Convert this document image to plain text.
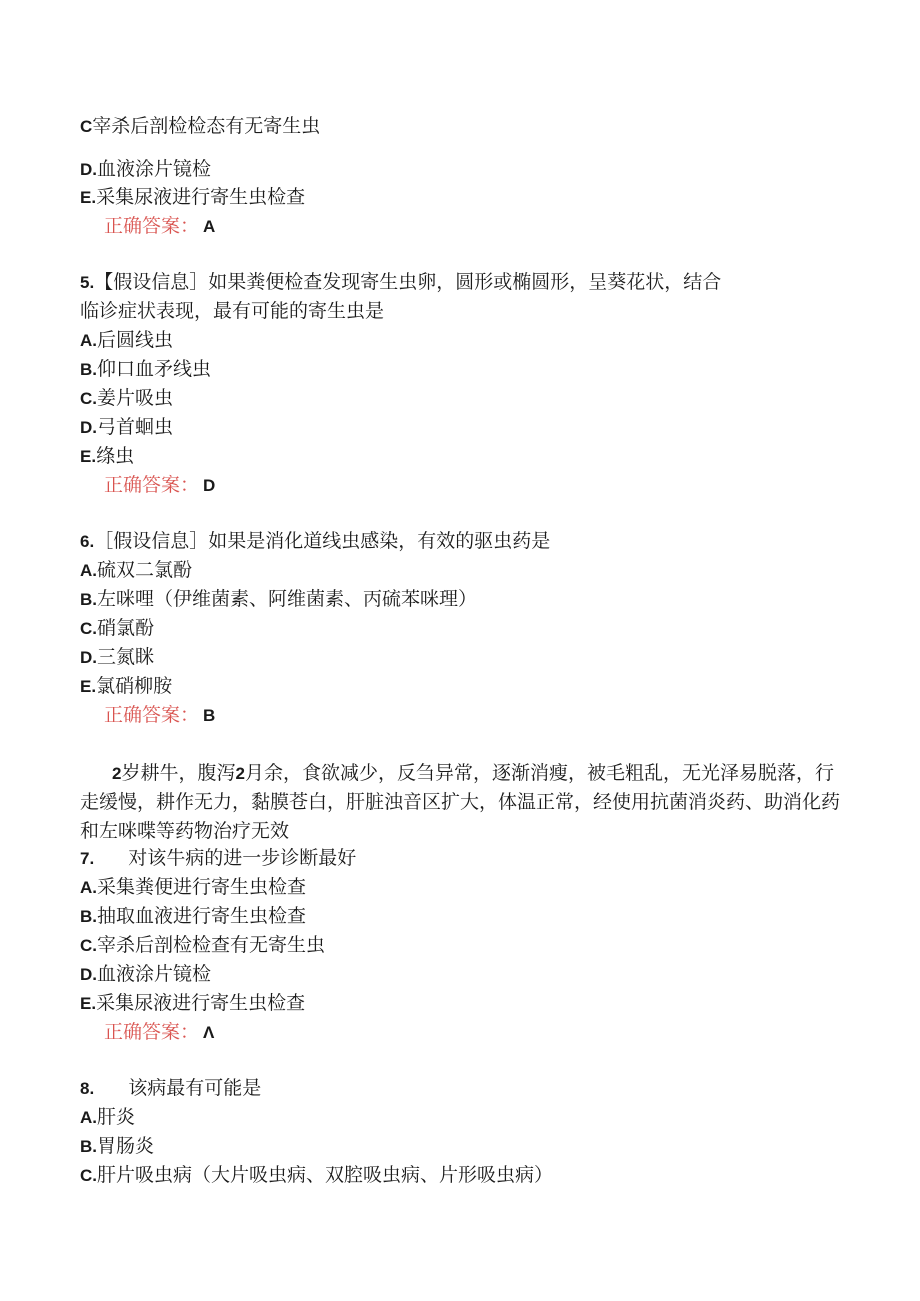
C宰杀后剖检检态有无寄生虫
D.血液涂片镜检
E.采集尿液进行寄生虫检查
正确答案： A
5.【假设信息］如果粪便检查发现寄生虫卵，圆形或椭圆形，呈葵花状，结合
临诊症状表现，最有可能的寄生虫是
A.后圆线虫
B.仰口血矛线虫
C.姜片吸虫
D.弓首蛔虫
E.绦虫
正确答案： D
6.［假设信息］如果是消化道线虫感染，有效的驱虫药是
A.硫双二氯酚
B.左咪哩（伊维菌素、阿维菌素、丙硫苯咪理）
C.硝氯酚
D.三氮眯
E.氯硝柳胺
正确答案： B
2岁耕牛，腹泻2月余，食欲减少，反刍异常，逐渐消瘦，被毛粗乱，无光泽易脱落，行走缓慢，耕作无力，黏膜苍白，肝脏浊音区扩大，体温正常，经使用抗菌消炎药、助消化药和左咪喋等药物治疗无效
7. 对该牛病的进一步诊断最好
A.采集粪便进行寄生虫检查
B.抽取血液进行寄生虫检查
C.宰杀后剖检检查有无寄生虫
D.血液涂片镜检
E.采集尿液进行寄生虫检查
正确答案： Λ
8. 该病最有可能是
A.肝炎
B.胃肠炎
C.肝片吸虫病（大片吸虫病、双腔吸虫病、片形吸虫病）
